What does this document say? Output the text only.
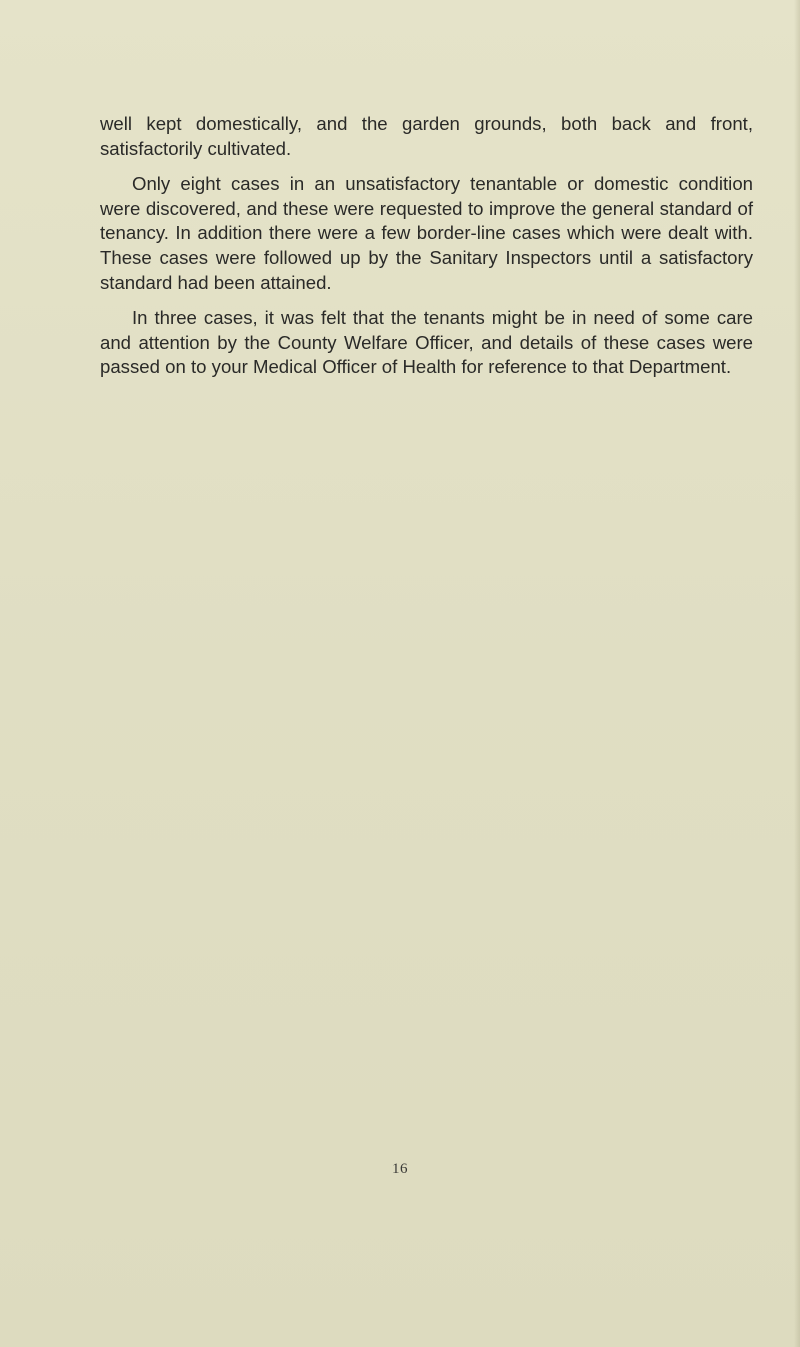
well kept domestically, and the garden grounds, both back and front, satisfactorily cultivated.

Only eight cases in an unsatisfactory tenantable or domestic condition were discovered, and these were requested to improve the general standard of tenancy. In addition there were a few border-line cases which were dealt with. These cases were followed up by the Sanitary Inspectors until a satisfactory standard had been attained.

In three cases, it was felt that the tenants might be in need of some care and attention by the County Welfare Officer, and details of these cases were passed on to your Medical Officer of Health for reference to that Department.

16
